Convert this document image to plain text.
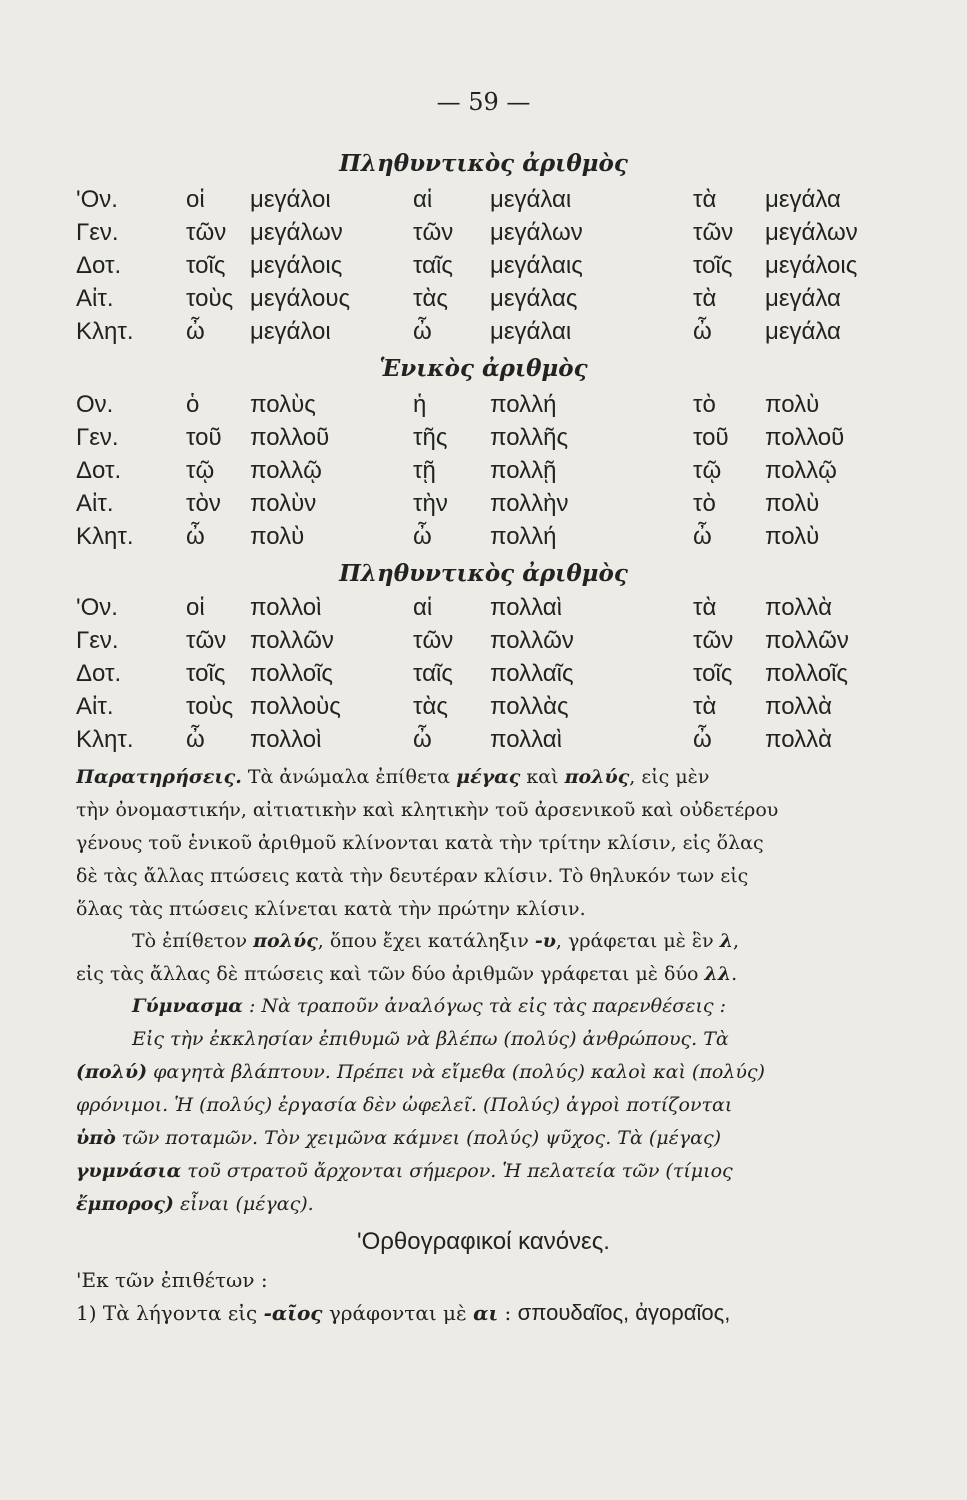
— 59 —
Πληθυντικὸς ἀριθμὸς
'Ον.	οἱ μεγάλοι	αἱ μεγάλαι	τὰ μεγάλα
Γεν.	τῶν μεγάλων	τῶν μεγάλων	τῶν μεγάλων
Δοτ.	τοῖς μεγάλοις	ταῖς μεγάλαις	τοῖς μεγάλοις
Αἰτ.	τοὺς μεγάλους	τὰς μεγάλας	τὰ μεγάλα
Κλητ. ὦ μεγάλοι	ὦ μεγάλαι	ὦ μεγάλα
Ἑνικὸς ἀριθμὸς
Ον.	ὁ πολὺς	ἡ	πολλή	τὸ πολὺ
Γεν.	τοῦ πολλοῦ	τῆς πολλῆς	τοῦ πολλοῦ
Δοτ.	τῷ πολλῷ	τῇ πολλῇ	τῷ πολλῷ
Αἰτ.	τὸν πολὺν	τὴν πολλὴν	τὸ πολὺ
Κλητ. ὦ πολὺ	ὦ πολλή	ὦ πολὺ
Πληθυντικὸς ἀριθμὸς
'Ον.	οἱ πολλοὶ	αἱ πολλαὶ	τὰ πολλὰ
Γεν.	τῶν πολλῶν	τῶν πολλῶν	τῶν πολλῶν
Δοτ.	τοῖς πολλοῖς	ταῖς πολλαῖς	τοῖς πολλοῖς
Αἰτ.	τοὺς πολλοὺς	τὰς πολλὰς	τὰ πολλὰ
Κλητ. ὦ πολλοὶ	ὦ πολλαὶ	ὦ πολλὰ
Παρατηρήσεις. Τὰ ἀνώμαλα ἐπίθετα μέγας καὶ πολύς, εἰς μὲν
τὴν ὀνομαστικήν, αἰτιατικὴν καὶ κλητικὴν τοῦ ἀρσενικοῦ καὶ οὐδετέρου
γένους τοῦ ἑνικοῦ ἀριθμοῦ κλίνονται κατὰ τὴν τρίτην κλίσιν, εἰς ὅλας
δὲ τὰς ἄλλας πτώσεις κατὰ τὴν δευτέραν κλίσιν. Τὸ θηλυκόν των εἰς
ὅλας τὰς πτώσεις κλίνεται κατὰ τὴν πρώτην κλίσιν.
Τὸ ἐπίθετον πολύς, ὅπου ἔχει κατάληξιν -υ, γράφεται μὲ ἓν λ,
εἰς τὰς ἄλλας δὲ πτώσεις καὶ τῶν δύο ἀριθμῶν γράφεται μὲ δύο λλ.
Γύμνασμα : Νὰ τραποῦν ἀναλόγως τὰ εἰς τὰς παρενθέσεις :
Εἰς τὴν ἐκκλησίαν ἐπιθυμῶ νὰ βλέπω (πολύς) ἀνθρώπους. Τὰ
(πολύ) φαγητὰ βλάπτουν. Πρέπει νὰ εἴμεθα (πολύς) καλοὶ καὶ (πολύς)
φρόνιμοι. Ἡ (πολύς) ἐργασία δὲν ὠφελεῖ. (Πολύς) ἀγροὶ ποτίζονται
ὑπὸ τῶν ποταμῶν. Τὸν χειμῶνα κάμνει (πολύς) ψῦχος. Τὰ (μέγας)
γυμνάσια τοῦ στρατοῦ ἄρχονται σήμερον. Ἡ πελατεία τῶν (τίμιος
ἔμπορος) εἶναι (μέγας).
'Ορθογραφικοί κανόνες.
'Εκ τῶν ἐπιθέτων :
1) Τὰ λήγοντα εἰς -αῖος γράφονται μὲ αι : σπουδαῖος, ἀγοραῖος,
